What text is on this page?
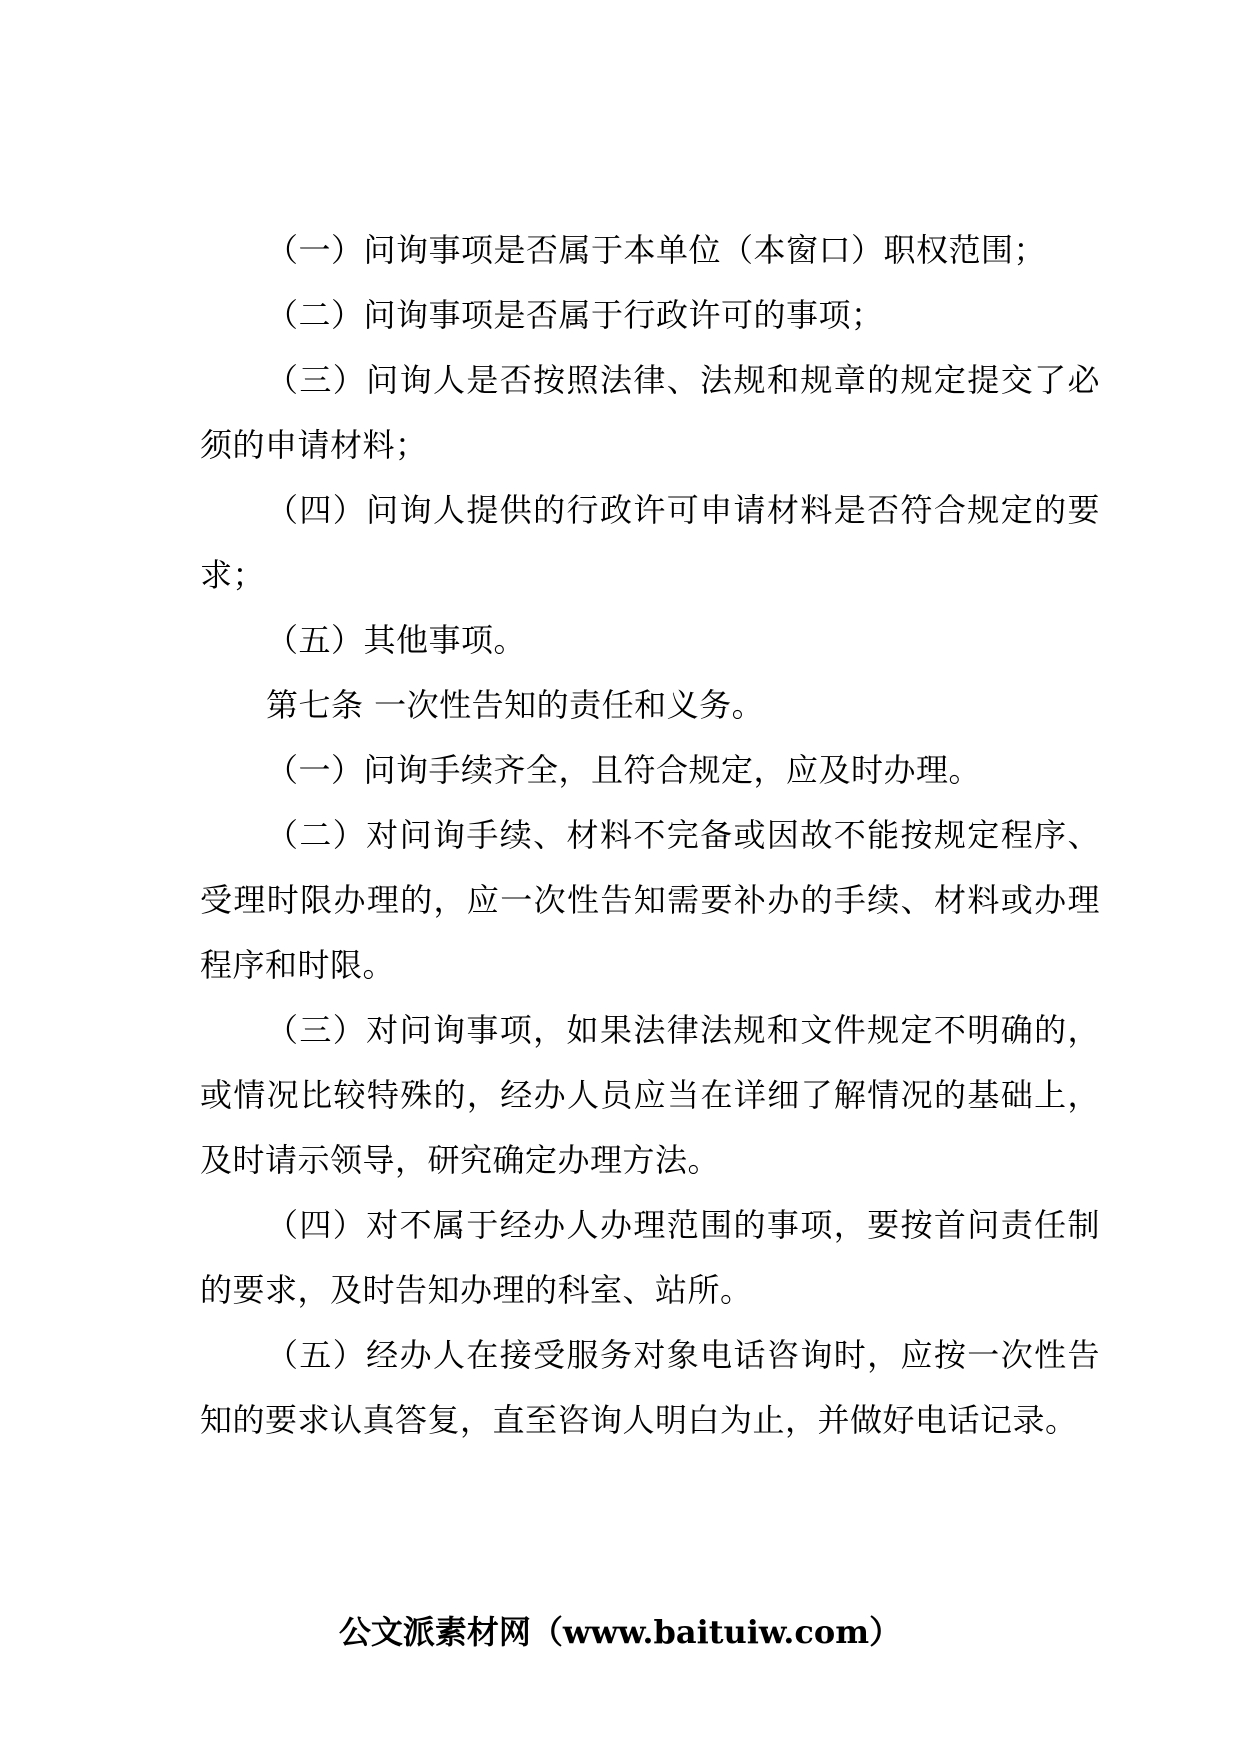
（一）问询事项是否属于本单位（本窗口）职权范围；

（二）问询事项是否属于行政许可的事项；

（三）问询人是否按照法律、法规和规章的规定提交了必须的申请材料；

（四）问询人提供的行政许可申请材料是否符合规定的要求；

（五）其他事项。

第七条 一次性告知的责任和义务。

（一）问询手续齐全，且符合规定，应及时办理。

（二）对问询手续、材料不完备或因故不能按规定程序、受理时限办理的，应一次性告知需要补办的手续、材料或办理程序和时限。

（三）对问询事项，如果法律法规和文件规定不明确的，或情况比较特殊的，经办人员应当在详细了解情况的基础上，及时请示领导，研究确定办理方法。

（四）对不属于经办人办理范围的事项，要按首问责任制的要求，及时告知办理的科室、站所。

（五）经办人在接受服务对象电话咨询时，应按一次性告知的要求认真答复，直至咨询人明白为止，并做好电话记录。

公文派素材网（www.baituiw.com）
